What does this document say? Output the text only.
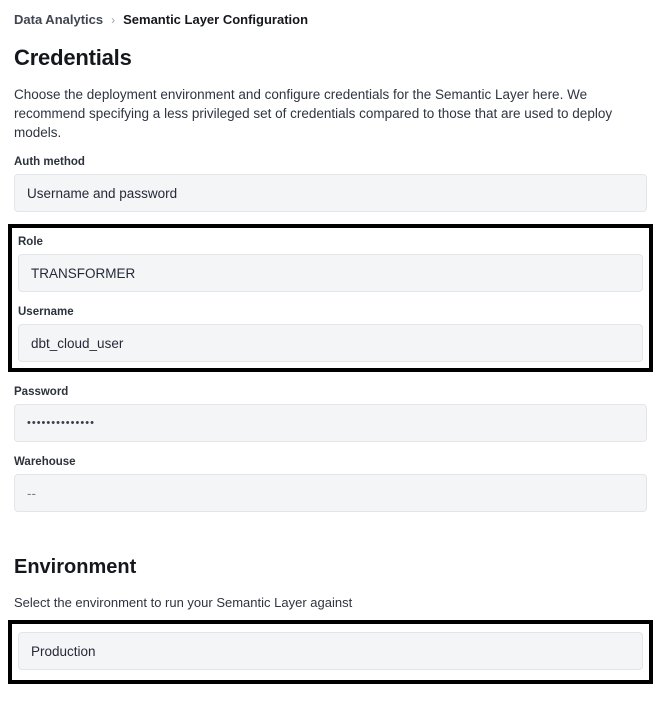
Data Analytics › Semantic Layer Configuration
Credentials

Choose the deployment environment and configure credentials for the Semantic Layer here. We recommend specifying a less privileged set of credentials compared to those that are used to deploy models.

Auth method
Username and password
Role
TRANSFORMER
Username
dbt_cloud_user
Password
••••••••••••••
Warehouse
--
Environment

Select the environment to run your Semantic Layer against

Production
